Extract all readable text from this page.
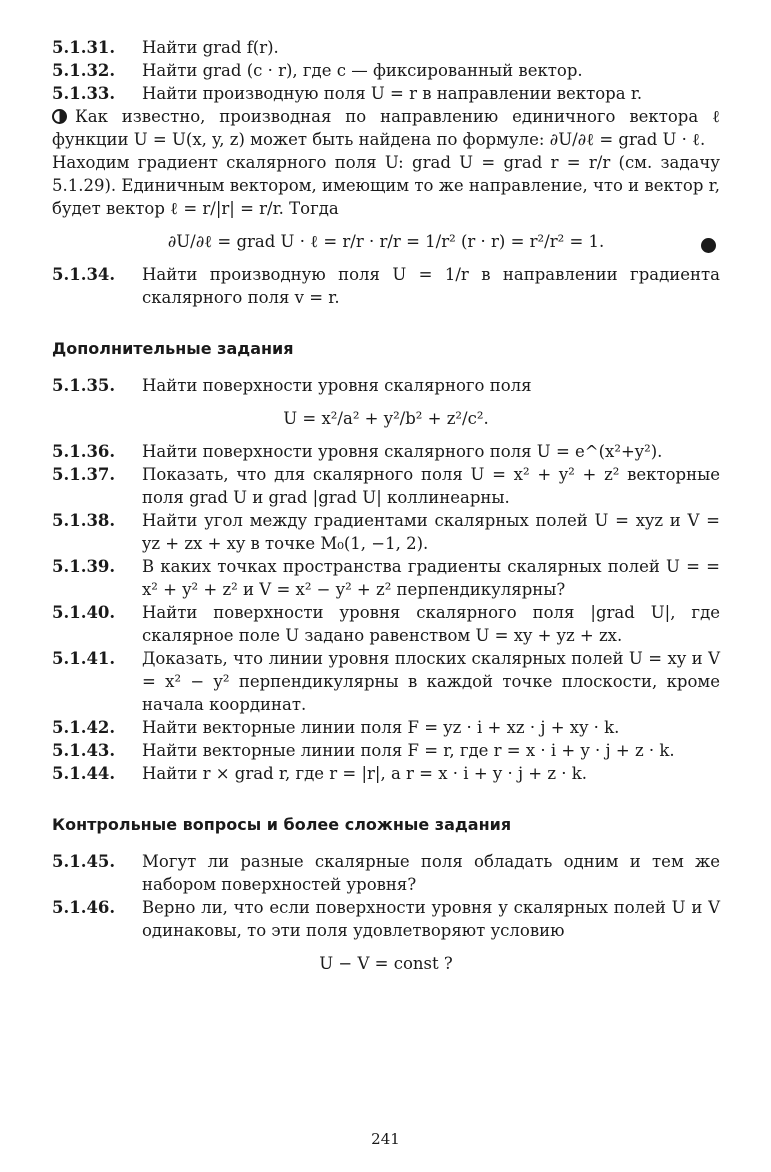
5.1.31.	Найти grad f(r).
5.1.32.	Найти grad (c · r), где c — фиксированный вектор.
5.1.33.	Найти производную поля U = r в направлении вектора r.

Как известно, производная по направлению единичного вектора ℓ функции U = U(x, y, z) может быть найдена по формуле: ∂U/∂ℓ = grad U · ℓ.

Находим градиент скалярного поля U: grad U = grad r = r/r (см. задачу 5.1.29). Единичным вектором, имеющим то же направление, что и вектор r, будет вектор ℓ = r/|r| = r/r. Тогда

∂U/∂ℓ = grad U · ℓ = r/r · r/r = 1/r² (r · r) = r²/r² = 1.
5.1.34.	Найти производную поля U = 1/r в направлении градиента скалярного поля v = r.
Дополнительные задания
5.1.35.	Найти поверхности уровня скалярного поля
U = x²/a² + y²/b² + z²/c².
5.1.36.	Найти поверхности уровня скалярного поля U = e^(x²+y²).
5.1.37.	Показать, что для скалярного поля U = x² + y² + z² векторные поля grad U и grad |grad U| коллинеарны.
5.1.38.	Найти угол между градиентами скалярных полей U = xyz и V = yz + zx + xy в точке M₀(1, −1, 2).
5.1.39.	В каких точках пространства градиенты скалярных полей U = = x² + y² + z² и V = x² − y² + z² перпендикулярны?
5.1.40.	Найти поверхности уровня скалярного поля |grad U|, где скалярное поле U задано равенством U = xy + yz + zx.
5.1.41.	Доказать, что линии уровня плоских скалярных полей U = xy и V = x² − y² перпендикулярны в каждой точке плоскости, кроме начала координат.
5.1.42.	Найти векторные линии поля F = yz · i + xz · j + xy · k.
5.1.43.	Найти векторные линии поля F = r, где r = x · i + y · j + z · k.
5.1.44.	Найти r × grad r, где r = |r|, а r = x · i + y · j + z · k.
Контрольные вопросы и более сложные задания
5.1.45.	Могут ли разные скалярные поля обладать одним и тем же набором поверхностей уровня?
5.1.46.	Верно ли, что если поверхности уровня у скалярных полей U и V одинаковы, то эти поля удовлетворяют условию
U − V = const ?
241
